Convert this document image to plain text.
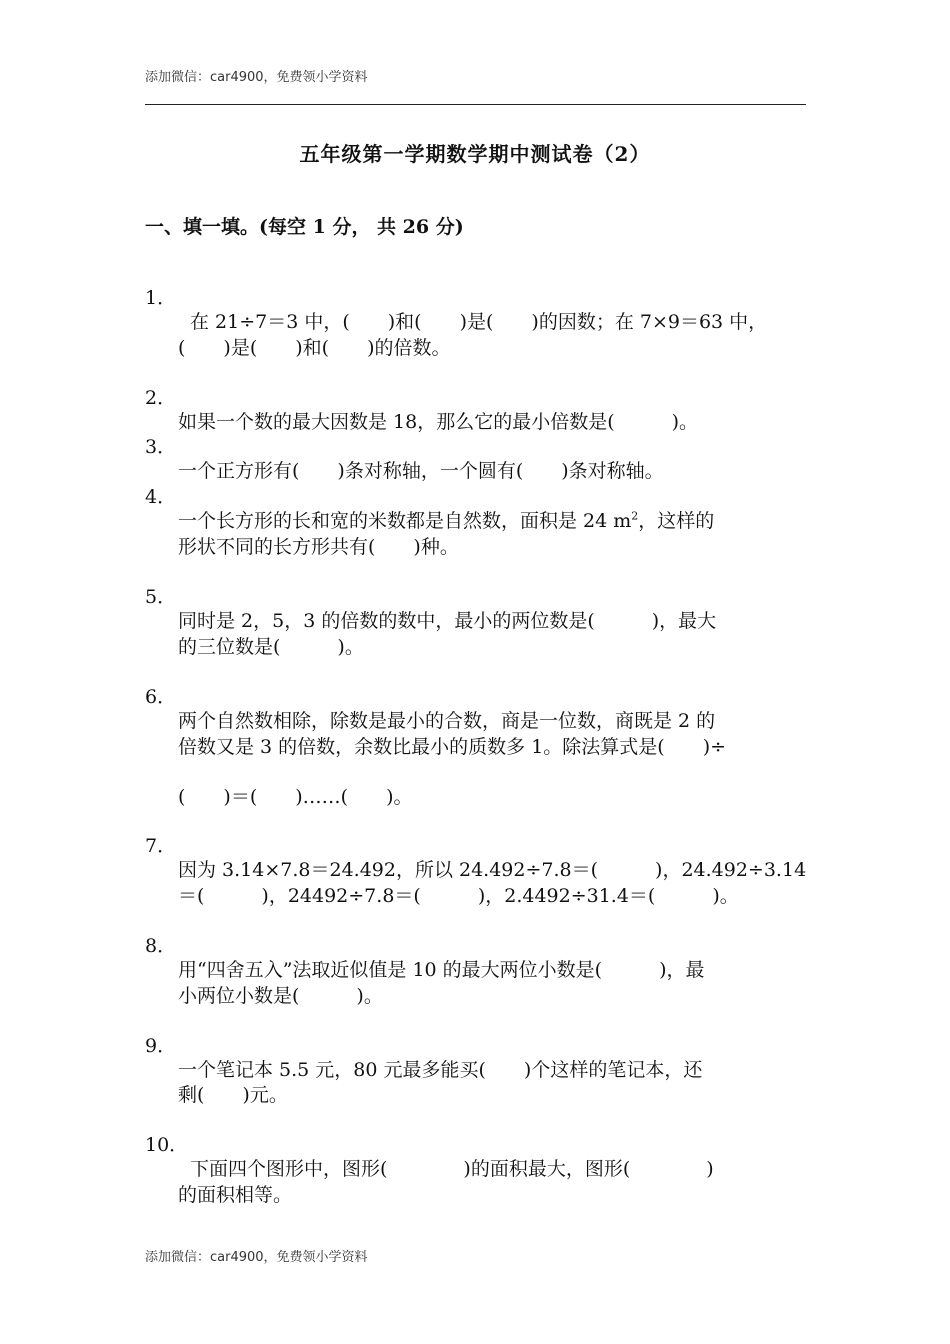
添加微信：car4900，免费领小学资料
五年级第一学期数学期中测试卷（2）
一、填一填。(每空 1 分， 共 26 分)

1．

在 21÷7＝3 中，(　　)和(　　)是(　　)的因数；在 7×9＝63 中，

(　　)是(　　)和(　　)的倍数。

2．

如果一个数的最大因数是 18，那么它的最小倍数是(　　　)。

3．

一个正方形有(　　)条对称轴，一个圆有(　　)条对称轴。

4．

一个长方形的长和宽的米数都是自然数，面积是 24 $m^2$，这样的

形状不同的长方形共有(　　)种。

5．

同时是 2，5，3 的倍数的数中，最小的两位数是(　　　)，最大

的三位数是(　　　)。

6．

两个自然数相除，除数是最小的合数，商是一位数，商既是 2 的

倍数又是 3 的倍数，余数比最小的质数多 1。除法算式是(　　)÷

(　　)＝(　　)……(　　)。

7．

因为 3.14×7.8＝24.492，所以 24.492÷7.8＝(　　　)，24.492÷3.14

＝(　　　)，24492÷7.8＝(　　　)，2.4492÷31.4＝(　　　)。

8．

用“四舍五入”法取近似值是 10 的最大两位小数是(　　　)，最

小两位小数是(　　　)。

9．

一个笔记本 5.5 元，80 元最多能买(　　)个这样的笔记本，还

剩(　　)元。

10．

下面四个图形中，图形(　　　　)的面积最大，图形(　　　　)

的面积相等。

添加微信：car4900，免费领小学资料
